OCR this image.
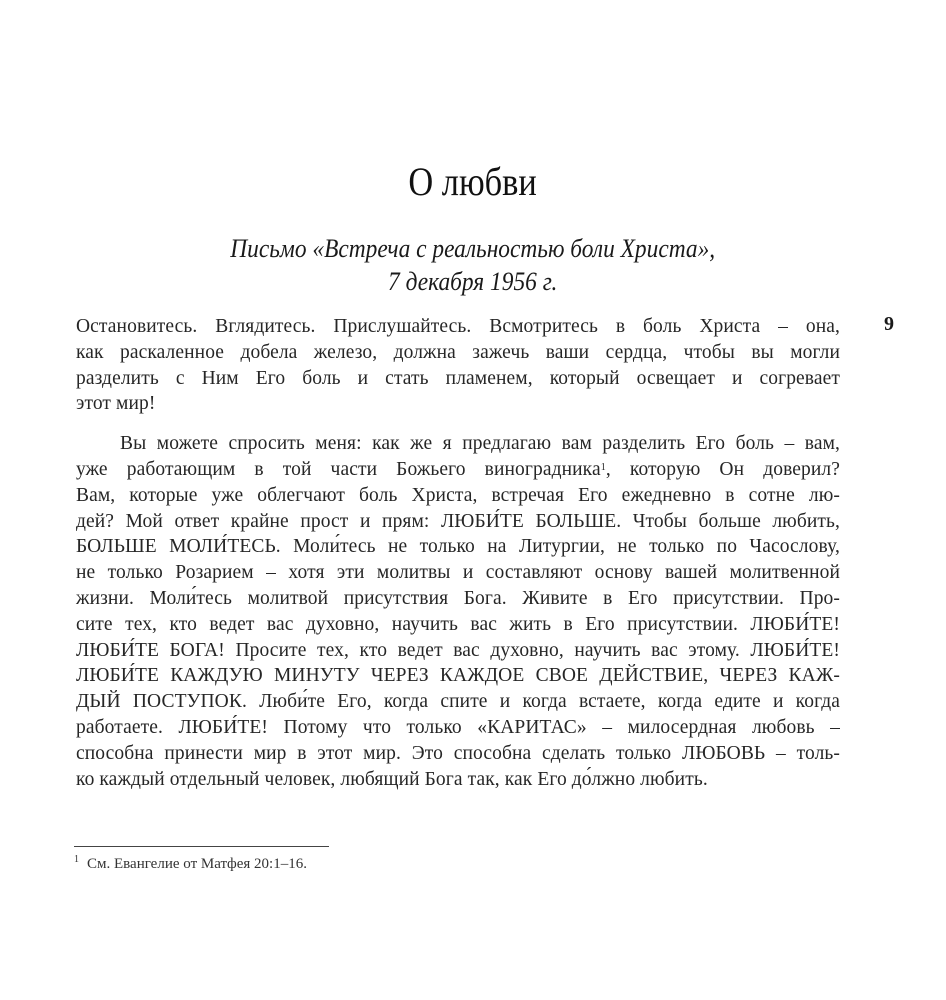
О любви
Письмо «Встреча с реальностью боли Христа»,
7 декабря 1956 г.
9
Остановитесь. Вглядитесь. Прислушайтесь. Всмотритесь в боль Христа – она,
как раскаленное добела железо, должна зажечь ваши сердца, чтобы вы могли
разделить с Ним Его боль и стать пламенем, который освещает и согревает
этот мир!
Вы можете спросить меня: как же я предлагаю вам разделить Его боль – вам,
уже работающим в той части Божьего виноградника$^1$, которую Он доверил?
Вам, которые уже облегчают боль Христа, встречая Его ежедневно в сотне лю-
дей? Мой ответ крайне прост и прям: ЛЮБИ́ТЕ БОЛЬШЕ. Чтобы больше любить,
БОЛЬШЕ МОЛИ́ТЕСЬ. Моли́тесь не только на Литургии, не только по Часослову,
не только Розарием – хотя эти молитвы и составляют основу вашей молитвенной
жизни. Моли́тесь молитвой присутствия Бога. Живите в Его присутствии. Про-
сите тех, кто ведет вас духовно, научить вас жить в Его присутствии. ЛЮБИ́ТЕ!
ЛЮБИ́ТЕ БОГА! Просите тех, кто ведет вас духовно, научить вас этому. ЛЮБИ́ТЕ!
ЛЮБИ́ТЕ КАЖДУЮ МИНУТУ ЧЕРЕЗ КАЖДОЕ СВОЕ ДЕЙСТВИЕ, ЧЕРЕЗ КАЖ-
ДЫЙ ПОСТУПОК. Люби́те Его, когда спите и когда встаете, когда едите и когда
работаете. ЛЮБИ́ТЕ! Потому что только «КАРИТАС» – милосердная любовь –
способна принести мир в этот мир. Это способна сделать только ЛЮБОВЬ – толь-
ко каждый отдельный человек, любящий Бога так, как Его до́лжно любить.
$^1$ См. Евангелие от Матфея 20:1–16.
